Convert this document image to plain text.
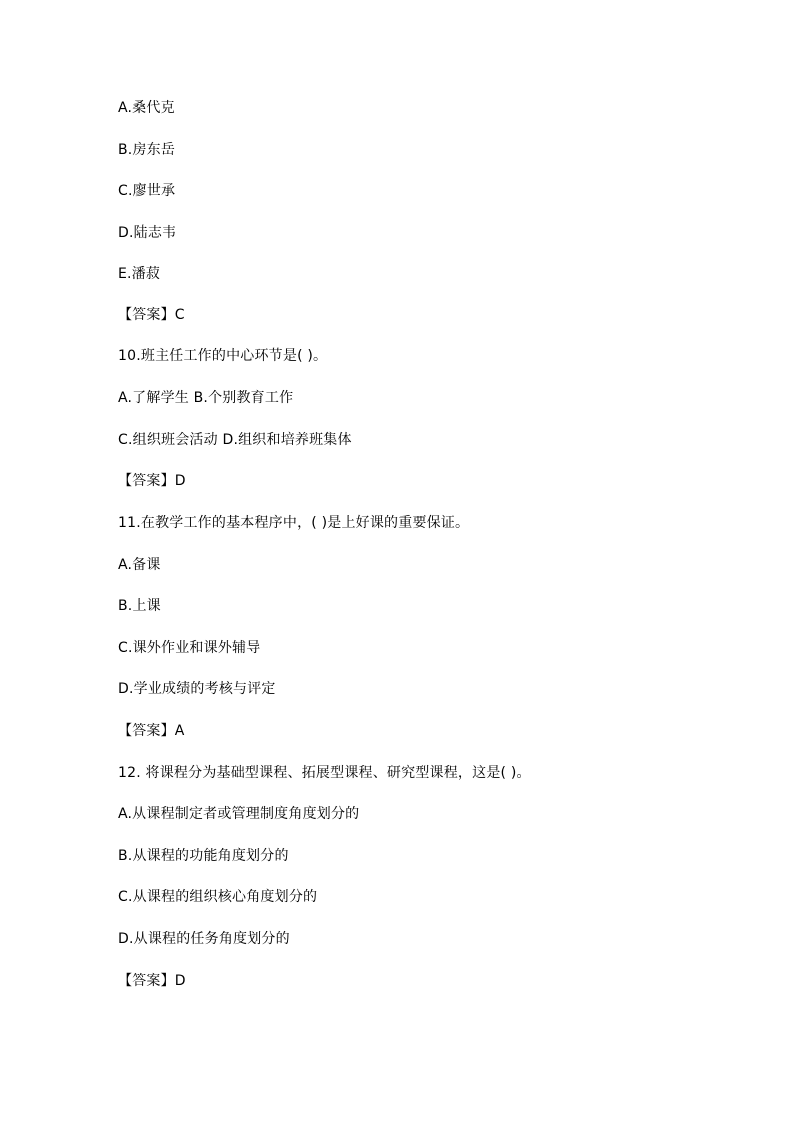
A.桑代克
B.房东岳
C.廖世承
D.陆志韦
E.潘菽
【答案】C
10.班主任工作的中心环节是( )。
A.了解学生 B.个别教育工作
C.组织班会活动 D.组织和培养班集体
【答案】D
11.在教学工作的基本程序中，( )是上好课的重要保证。
A.备课
B.上课
C.课外作业和课外辅导
D.学业成绩的考核与评定
【答案】A
12. 将课程分为基础型课程、拓展型课程、研究型课程，这是( )。
A.从课程制定者或管理制度角度划分的
B.从课程的功能角度划分的
C.从课程的组织核心角度划分的
D.从课程的任务角度划分的
【答案】D
